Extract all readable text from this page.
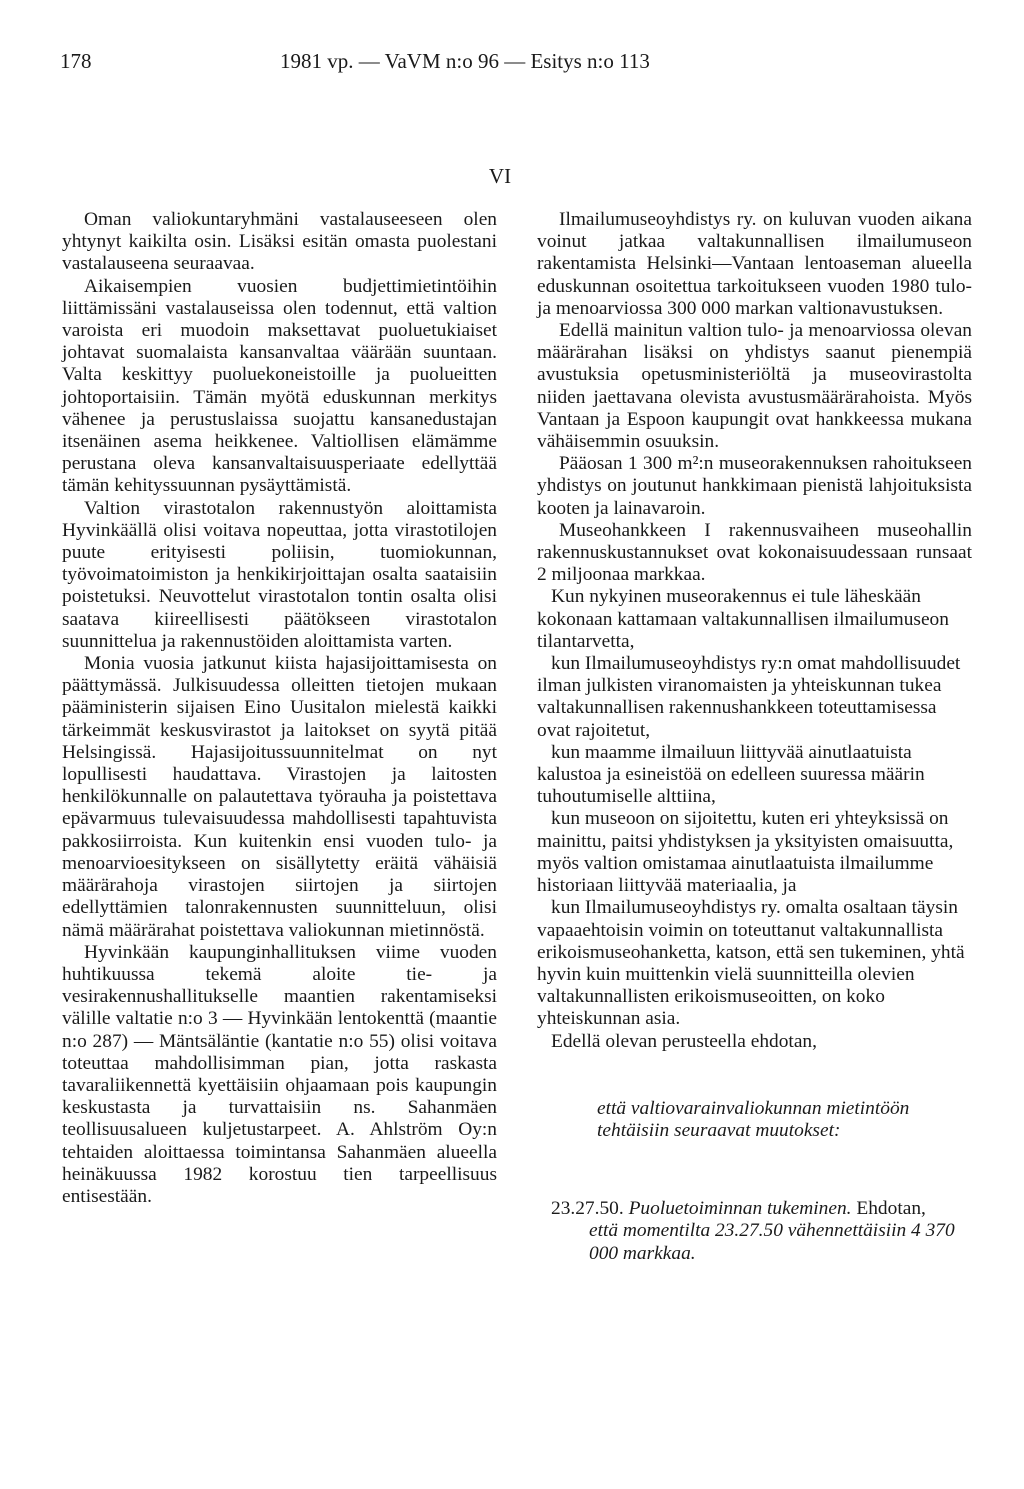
178	1981 vp. — VaVM n:o 96 — Esitys n:o 113
VI

Oman valiokuntaryhmäni vastalauseeseen olen yhtynyt kaikilta osin. Lisäksi esitän omasta puolestani vastalauseena seuraavaa.

Aikaisempien vuosien budjettimietintöihin liittämissäni vastalauseissa olen todennut, että valtion varoista eri muodoin maksettavat puoluetukiaiset johtavat suomalaista kansanvaltaa väärään suuntaan. Valta keskittyy puoluekoneistoille ja puolueitten johtoportaisiin. Tämän myötä eduskunnan merkitys vähenee ja perustuslaissa suojattu kansanedustajan itsenäinen asema heikkenee. Valtiollisen elämämme perustana oleva kansanvaltaisuusperiaate edellyttää tämän kehityssuunnan pysäyttämistä.

Valtion virastotalon rakennustyön aloittamista Hyvinkäällä olisi voitava nopeuttaa, jotta virastotilojen puute erityisesti poliisin, tuomiokunnan, työvoimatoimiston ja henkikirjoittajan osalta saataisiin poistetuksi. Neuvottelut virastotalon tontin osalta olisi saatava kiireellisesti päätökseen virastotalon suunnittelua ja rakennustöiden aloittamista varten.

Monia vuosia jatkunut kiista hajasijoittamisesta on päättymässä. Julkisuudessa olleitten tietojen mukaan pääministerin sijaisen Eino Uusitalon mielestä kaikki tärkeimmät keskusvirastot ja laitokset on syytä pitää Helsingissä. Hajasijoitussuunnitelmat on nyt lopullisesti haudattava. Virastojen ja laitosten henkilökunnalle on palautettava työrauha ja poistettava epävarmuus tulevaisuudessa mahdollisesti tapahtuvista pakkosiirroista. Kun kuitenkin ensi vuoden tulo- ja menoarvioesitykseen on sisällytetty eräitä vähäisiä määrärahoja virastojen siirtojen ja siirtojen edellyttämien talonrakennusten suunnitteluun, olisi nämä määrärahat poistettava valiokunnan mietinnöstä.

Hyvinkään kaupunginhallituksen viime vuoden huhtikuussa tekemä aloite tie- ja vesirakennushallitukselle maantien rakentamiseksi välille valtatie n:o 3 — Hyvinkään lentokenttä (maantie n:o 287) — Mäntsäläntie (kantatie n:o 55) olisi voitava toteuttaa mahdollisimman pian, jotta raskasta tavaraliikennettä kyettäisiin ohjaamaan pois kaupungin keskustasta ja turvattaisiin ns. Sahanmäen teollisuusalueen kuljetustarpeet. A. Ahlström Oy:n tehtaiden aloittaessa toimintansa Sahanmäen alueella heinäkuussa 1982 korostuu tien tarpeellisuus entisestään.

Ilmailumuseoyhdistys ry. on kuluvan vuoden aikana voinut jatkaa valtakunnallisen ilmailumuseon rakentamista Helsinki—Vantaan lentoaseman alueella eduskunnan osoitettua tarkoitukseen vuoden 1980 tulo- ja menoarviossa 300 000 markan valtionavustuksen.

Edellä mainitun valtion tulo- ja menoarviossa olevan määrärahan lisäksi on yhdistys saanut pienempiä avustuksia opetusministeriöltä ja museovirastolta niiden jaettavana olevista avustusmäärärahoista. Myös Vantaan ja Espoon kaupungit ovat hankkeessa mukana vähäisemmin osuuksin.

Pääosan 1 300 m²:n museorakennuksen rahoitukseen yhdistys on joutunut hankkimaan pienistä lahjoituksista kooten ja lainavaroin.

Museohankkeen I rakennusvaiheen museohallin rakennuskustannukset ovat kokonaisuudessaan runsaat 2 miljoonaa markkaa.

Kun nykyinen museorakennus ei tule läheskään kokonaan kattamaan valtakunnallisen ilmailumuseon tilantarvetta,

kun Ilmailumuseoyhdistys ry:n omat mahdollisuudet ilman julkisten viranomaisten ja yhteiskunnan tukea valtakunnallisen rakennushankkeen toteuttamisessa ovat rajoitetut,

kun maamme ilmailuun liittyvää ainutlaatuista kalustoa ja esineistöä on edelleen suuressa määrin tuhoutumiselle alttiina,

kun museoon on sijoitettu, kuten eri yhteyksissä on mainittu, paitsi yhdistyksen ja yksityisten omaisuutta, myös valtion omistamaa ainutlaatuista ilmailumme historiaan liittyvää materiaalia, ja

kun Ilmailumuseoyhdistys ry. omalta osaltaan täysin vapaaehtoisin voimin on toteuttanut valtakunnallista erikoismuseohanketta, katson, että sen tukeminen, yhtä hyvin kuin muittenkin vielä suunnitteilla olevien valtakunnallisten erikoismuseoitten, on koko yhteiskunnan asia.

Edellä olevan perusteella ehdotan,

että valtiovarainvaliokunnan mietintöön tehtäisiin seuraavat muutokset:

23.27.50. Puoluetoiminnan tukeminen. Ehdotan,

että momentilta 23.27.50 vähennettäisiin 4 370 000 markkaa.
